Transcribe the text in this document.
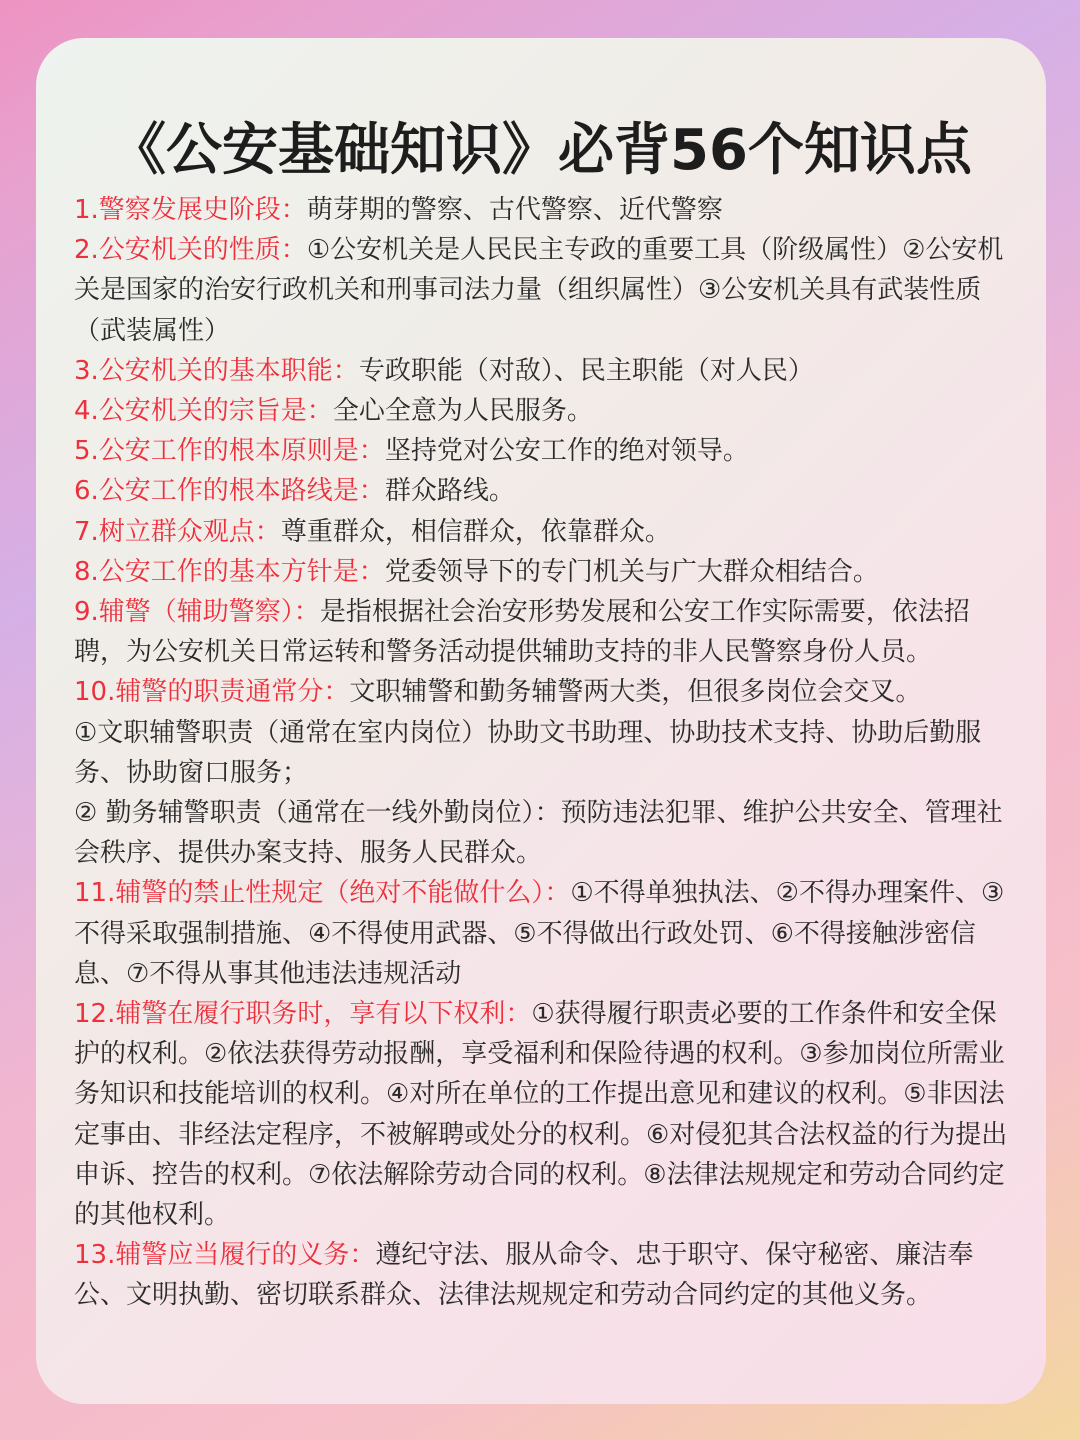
《公安基础知识》必背56个知识点

1.警察发展史阶段：萌芽期的警察、古代警察、近代警察

2.公安机关的性质：①公安机关是人民民主专政的重要工具（阶级属性）②公安机关是国家的治安行政机关和刑事司法力量（组织属性）③公安机关具有武装性质（武装属性）

3.公安机关的基本职能：专政职能（对敌）、民主职能（对人民）

4.公安机关的宗旨是：全心全意为人民服务。

5.公安工作的根本原则是：坚持党对公安工作的绝对领导。

6.公安工作的根本路线是：群众路线。

7.树立群众观点：尊重群众，相信群众，依靠群众。

8.公安工作的基本方针是：党委领导下的专门机关与广大群众相结合。

9.辅警（辅助警察）：是指根据社会治安形势发展和公安工作实际需要，依法招聘，为公安机关日常运转和警务活动提供辅助支持的非人民警察身份人员。

10.辅警的职责通常分：文职辅警和勤务辅警两大类，但很多岗位会交叉。
①文职辅警职责（通常在室内岗位）协助文书助理、协助技术支持、协助后勤服务、协助窗口服务；
② 勤务辅警职责（通常在一线外勤岗位）：预防违法犯罪、维护公共安全、管理社会秩序、提供办案支持、服务人民群众。

11.辅警的禁止性规定（绝对不能做什么）：①不得单独执法、②不得办理案件、③不得采取强制措施、④不得使用武器、⑤不得做出行政处罚、⑥不得接触涉密信息、⑦不得从事其他违法违规活动

12.辅警在履行职务时，享有以下权利：①获得履行职责必要的工作条件和安全保护的权利。②依法获得劳动报酬，享受福利和保险待遇的权利。③参加岗位所需业务知识和技能培训的权利。④对所在单位的工作提出意见和建议的权利。⑤非因法定事由、非经法定程序，不被解聘或处分的权利。⑥对侵犯其合法权益的行为提出申诉、控告的权利。⑦依法解除劳动合同的权利。⑧法律法规规定和劳动合同约定的其他权利。

13.辅警应当履行的义务：遵纪守法、服从命令、忠于职守、保守秘密、廉洁奉公、文明执勤、密切联系群众、法律法规规定和劳动合同约定的其他义务。
